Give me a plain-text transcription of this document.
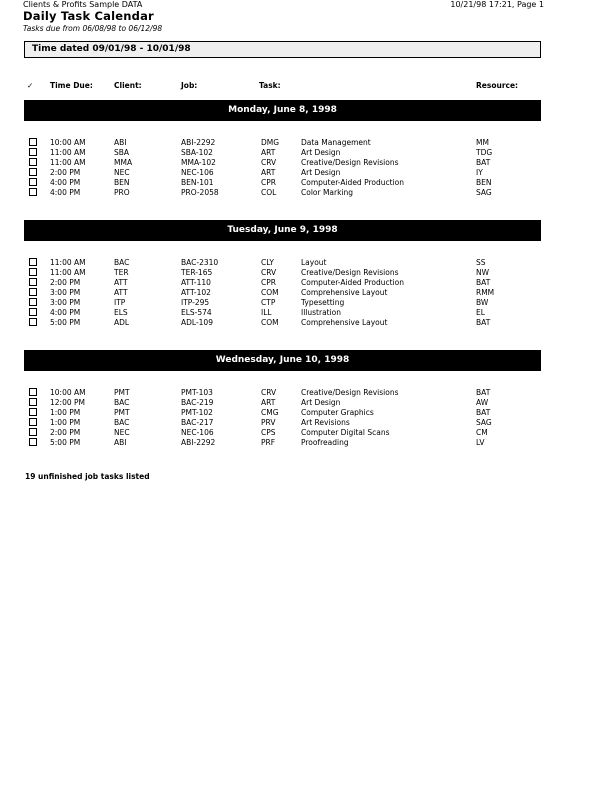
Clients & Profits Sample DATA	10/21/98 17:21, Page 1
Daily Task Calendar
Tasks due from 06/08/98 to 06/12/98
Time dated 09/01/98 - 10/01/98
✓ Time Due:	Client:	Job:	Task:	Resource:
Monday, June 8, 1998
10:00 AM	ABI	ABI-2292	DMG	Data Management	MM
11:00 AM	SBA	SBA-102	ART	Art Design	TDG
11:00 AM	MMA	MMA-102	CRV	Creative/Design Revisions	BAT
2:00 PM	NEC	NEC-106	ART	Art Design	IY
4:00 PM	BEN	BEN-101	CPR	Computer-Aided Production	BEN
4:00 PM	PRO	PRO-2058	COL	Color Marking	SAG
Tuesday, June 9, 1998
11:00 AM	BAC	BAC-2310	CLY	Layout	SS
11:00 AM	TER	TER-165	CRV	Creative/Design Revisions	NW
2:00 PM	ATT	ATT-110	CPR	Computer-Aided Production	BAT
3:00 PM	ATT	ATT-102	COM	Comprehensive Layout	RMM
3:00 PM	ITP	ITP-295	CTP	Typesetting	BW
4:00 PM	ELS	ELS-574	ILL	Illustration	EL
5:00 PM	ADL	ADL-109	COM	Comprehensive Layout	BAT
Wednesday, June 10, 1998
10:00 AM	PMT	PMT-103	CRV	Creative/Design Revisions	BAT
12:00 PM	BAC	BAC-219	ART	Art Design	AW
1:00 PM	PMT	PMT-102	CMG	Computer Graphics	BAT
1:00 PM	BAC	BAC-217	PRV	Art Revisions	SAG
2:00 PM	NEC	NEC-106	CPS	Computer Digital Scans	CM
5:00 PM	ABI	ABI-2292	PRF	Proofreading	LV
19 unfinished job tasks listed
